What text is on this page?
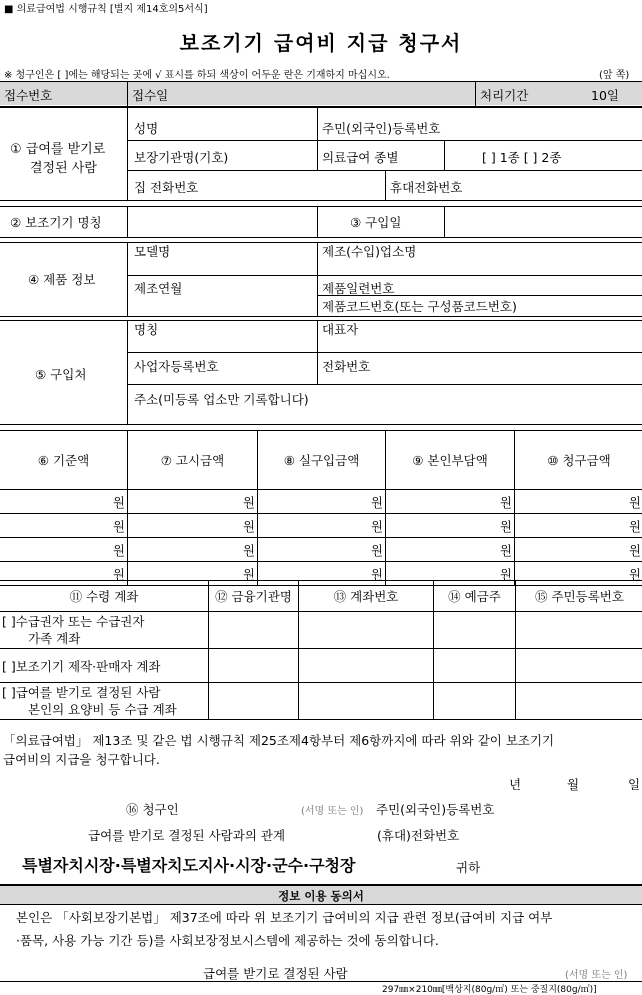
■ 의료급여법 시행규칙 [별지 제14호의5서식]
보조기기 급여비 지급 청구서
※ 청구인은 [ ]에는 해당되는 곳에 √ 표시를 하되 색상이 어두운 란은 기재하지 마십시오.	(앞 쪽)
접수번호	접수일	처리기간	10일
① 급여를 받기로
결정된 사람
성명	주민(외국인)등록번호
보장기관명(기호)	의료급여 종별	[ ] 1종 [ ] 2종
집 전화번호	휴대전화번호
② 보조기기 명칭	③ 구입일
④ 제품 정보
모델명	제조(수입)업소명
제조연월	제품일련번호
제품코드번호(또는 구성품코드번호)
⑤ 구입처
명칭	대표자
사업자등록번호	전화번호
주소(미등록 업소만 기록합니다)
⑥ 기준액	⑦ 고시금액	⑧ 실구입금액	⑨ 본인부담액	⑩ 청구금액
원	원	원	원	원
원	원	원	원	원
원	원	원	원	원
원	원	원	원	원
⑪ 수령 계좌	⑫ 금융기관명	⑬ 계좌번호	⑭ 예금주	⑮ 주민등록번호

[ ]수급권자 또는 수급권자
가족 계좌				

[ ]보조기기 제작·판매자 계좌				

[ ]급여를 받기로 결정된 사람
본인의 요양비 등 수급 계좌				

「의료급여법」 제13조 및 같은 법 시행규칙 제25조제4항부터 제6항까지에 따라 위와 같이 보조기기
급여비의 지급을 청구합니다.
년	월	일
⑯ 청구인	(서명 또는 인) 주민(외국인)등록번호
급여를 받기로 결정된 사람과의 관계	(휴대)전화번호
특별자치시장·특별자치도지사·시장·군수·구청장	귀하
정보 이용 동의서
본인은 「사회보장기본법」 제37조에 따라 위 보조기기 급여비의 지급 관련 정보(급여비 지급 여부
·품목, 사용 가능 기간 등)를 사회보장정보시스템에 제공하는 것에 동의합니다.
급여를 받기로 결정된 사람	(서명 또는 인)
297㎜×210㎜[백상지(80g/㎡) 또는 중질지(80g/㎡)]
